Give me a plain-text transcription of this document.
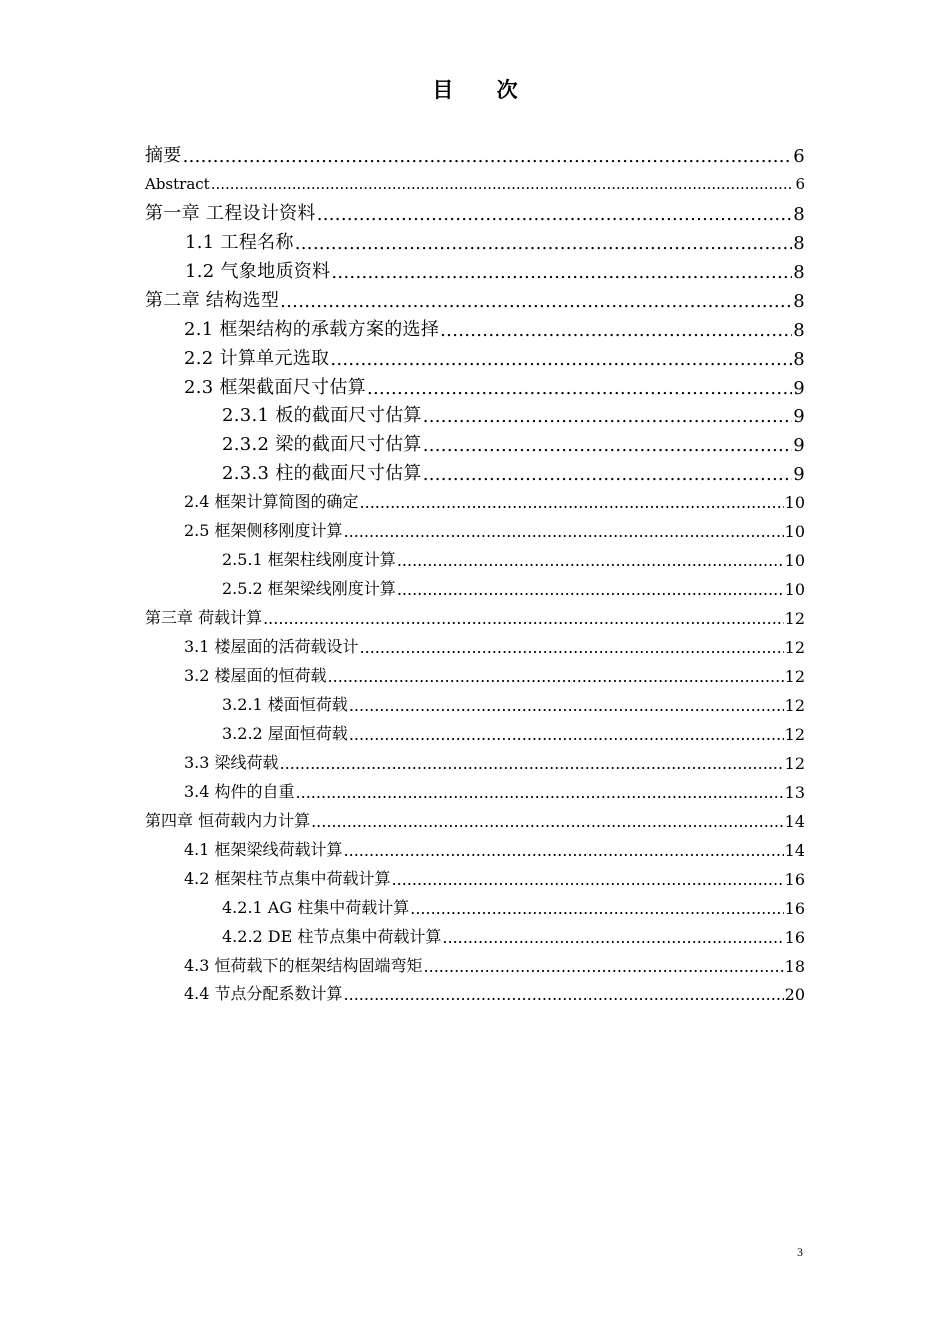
目 次
摘要 .....	6
Abstract .....	6
第一章 工程设计资料 .....	8
1.1 工程名称 .....	8
1.2 气象地质资料 .....	8
第二章 结构选型 .....	8
2.1 框架结构的承载方案的选择 .....	8
2.2 计算单元选取 .....	8
2.3 框架截面尺寸估算 .....	9
2.3.1 板的截面尺寸估算 .....	9
2.3.2 梁的截面尺寸估算 .....	9
2.3.3 柱的截面尺寸估算 .....	9
2.4 框架计算简图的确定 .....	10
2.5 框架侧移刚度计算 .....	10
2.5.1 框架柱线刚度计算 .....	10
2.5.2 框架梁线刚度计算 .....	10
第三章 荷载计算 .....	12
3.1 楼屋面的活荷载设计 .....	12
3.2 楼屋面的恒荷载 .....	12
3.2.1 楼面恒荷载 .....	12
3.2.2 屋面恒荷载 .....	12
3.3 梁线荷载 .....	12
3.4 构件的自重 .....	13
第四章 恒荷载内力计算 .....	14
4.1 框架梁线荷载计算 .....	14
4.2 框架柱节点集中荷载计算 .....	16
4.2.1 AG 柱集中荷载计算 .....	16
4.2.2 DE 柱节点集中荷载计算 .....	16
4.3 恒荷载下的框架结构固端弯矩 .....	18
4.4 节点分配系数计算 .....	20
3
